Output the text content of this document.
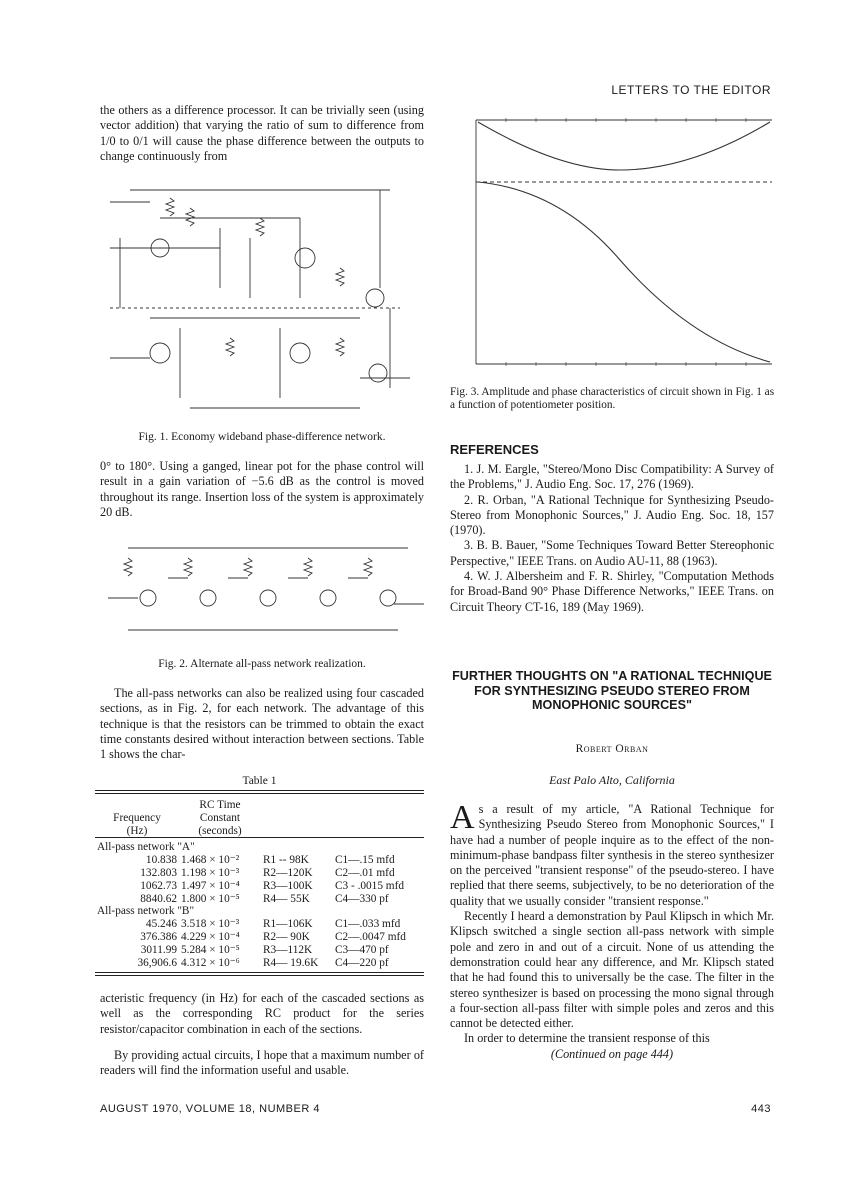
LETTERS TO THE EDITOR
the others as a difference processor. It can be trivially seen (using vector addition) that varying the ratio of sum to difference from 1/0 to 0/1 will cause the phase difference between the outputs to change continuously from
Fig. 1. Economy wideband phase-difference network.
0° to 180°. Using a ganged, linear pot for the phase control will result in a gain variation of −5.6 dB as the control is moved throughout its range. Insertion loss of the system is approximately 20 dB.
Fig. 2. Alternate all-pass network realization.
The all-pass networks can also be realized using four cascaded sections, as in Fig. 2, for each network. The advantage of this technique is that the resistors can be trimmed to obtain the exact time constants desired without interaction between sections. Table 1 shows the char-
Table 1
Frequency
(Hz)	RC Time
Constant
(seconds)		

All-pass network "A"			
10.838	1.468 × 10⁻²	R1 -- 98K	C1—.15 mfd
132.803	1.198 × 10⁻³	R2—120K	C2—.01 mfd
1062.73	1.497 × 10⁻⁴	R3—100K	C3 - .0015 mfd
8840.62	1.800 × 10⁻⁵	R4— 55K	C4—330 pf
All-pass network "B"			
45.246	3.518 × 10⁻³	R1—106K	C1—.033 mfd
376.386	4.229 × 10⁻⁴	R2— 90K	C2—.0047 mfd
3011.99	5.284 × 10⁻⁵	R3—112K	C3—470 pf
36,906.6	4.312 × 10⁻⁶	R4— 19.6K	C4—220 pf
acteristic frequency (in Hz) for each of the cascaded sections as well as the corresponding RC product for the series resistor/capacitor combination in each of the sections.
By providing actual circuits, I hope that a maximum number of readers will find the information useful and usable.
Fig. 3. Amplitude and phase characteristics of circuit shown in Fig. 1 as a function of potentiometer position.
REFERENCES

1. J. M. Eargle, "Stereo/Mono Disc Compatibility: A Survey of the Problems," J. Audio Eng. Soc. 17, 276 (1969).

2. R. Orban, "A Rational Technique for Synthesizing Pseudo-Stereo from Monophonic Sources," J. Audio Eng. Soc. 18, 157 (1970).

3. B. B. Bauer, "Some Techniques Toward Better Stereophonic Perspective," IEEE Trans. on Audio AU-11, 88 (1963).

4. W. J. Albersheim and F. R. Shirley, "Computation Methods for Broad-Band 90° Phase Difference Networks," IEEE Trans. on Circuit Theory CT-16, 189 (May 1969).

FURTHER THOUGHTS ON "A RATIONAL TECHNIQUE FOR SYNTHESIZING PSEUDO STEREO FROM MONOPHONIC SOURCES"
Robert Orban
East Palo Alto, California

As a result of my article, "A Rational Technique for Synthesizing Pseudo Stereo from Monophonic Sources," I have had a number of people inquire as to the effect of the non-minimum-phase bandpass filter synthesis in the stereo synthesizer on the perceived "transient response" of the pseudo-stereo. I have replied that there seems, subjectively, to be no deterioration of the quality that we usually consider "transient response."

Recently I heard a demonstration by Paul Klipsch in which Mr. Klipsch switched a single section all-pass network with simple pole and zero in and out of a circuit. None of us attending the demonstration could hear any difference, and Mr. Klipsch stated that he had found this to universally be the case. The filter in the stereo synthesizer is based on processing the mono signal through a four-section all-pass filter with simple poles and zeros and this cannot be detected either.

In order to determine the transient response of this

(Continued on page 444)

AUGUST 1970, VOLUME 18, NUMBER 4	443
